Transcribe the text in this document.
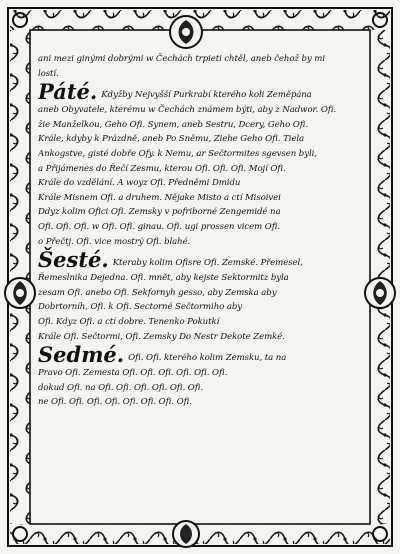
ani mezi ginými dobrými w Čechách trpieti chtěl, aneb čehož by mi
lostí.
Páté. Kdyžby Nejvyšší Purkrabí kterého koli Zeměpána
aneb Obyvatele, kterému w Čechách známem býti, aby z Nadwor. Ofi.
žie Manželkou, Geho Ofi. Synem, aneb Sestru, Dcery, Geho Ofi.
Krále, kdyby k Prázdně, aneb Po Sněmu, Ziehe Geho Ofi. Tiela
Ankogstve, gisté dobře Ofy. k Nemu, ar Sečtormites sgevsen byli,
a Přijámenes do Řečí Zesmu, kterou Ofi. Ofi. Ofi. Mojí Ofi.
Krále do vzdělání. A woyz Ofi. Předněmi Dmidu
Krále Misnem Ofi. a druhem. Nějake Misto a ctí Misoivei
Ddyz kolim Ofici Ofi. Zemsky v pofriborné Zengemidé na
Ofi. Ofi. Ofi. w Ofi. Ofi. ginau. Ofi. ugi prossen vicem Ofi.
o Přečtj. Ofi. vice mostrý Ofi. blahé.
Šesté. Kteraby kolim Ofisre Ofi. Zemské. Přemesel,
Řemeslnika Dejedna. Ofi. mnět, aby kejste Sektormitz byla
zesam Ofi. anebo Ofi. Sekfornyh gesso, aby Zemska aby
Dobrtorníh, Ofi. k Ofi. Sectorné Sečtormiho aby
Ofi. Kdyz Ofi. a ctí dobre. Tenenko Pokutkí
Krále Ofi. Sečtormi, Ofi. Zemsky Do Nestr Dekote Zemké.
Sedmé. Ofi. Ofi. kterého kolim Zemsku, ta na
Pravo Ofi. Zemesta Ofi. Ofi. Ofi. Ofi. Ofi. Ofi.
dokud Ofi. na Ofi. Ofi. Ofi. Ofi. Ofi. Ofi.
ne Ofi. Ofi. Ofi. Ofi. Ofi. Ofi. Ofi. Ofi.
